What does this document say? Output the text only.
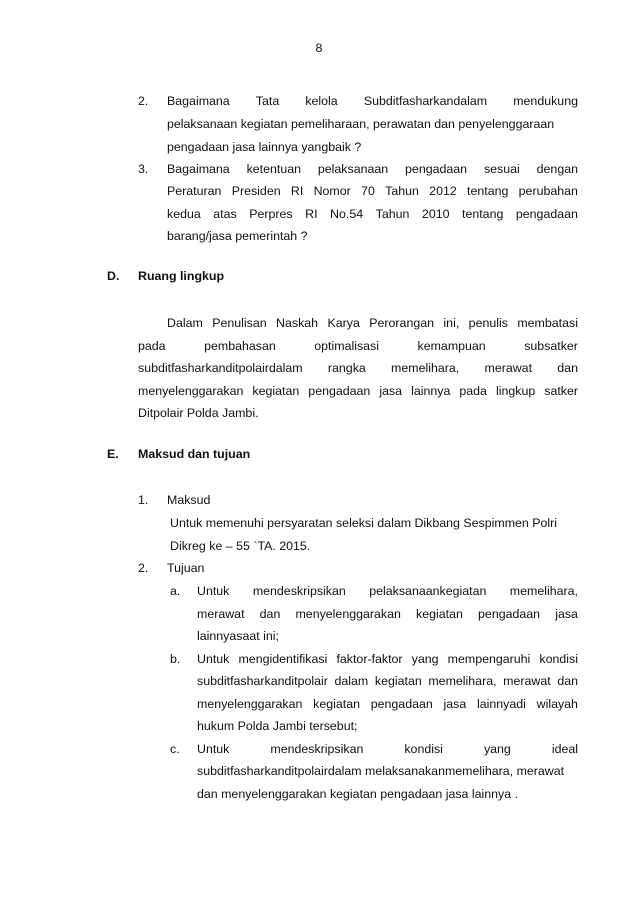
8
2. Bagaimana Tata kelola Subditfasharkandalam mendukung
pelaksanaan kegiatan pemeliharaan, perawatan dan penyelenggaraan
pengadaan jasa lainnya yangbaik ?
3. Bagaimana ketentuan pelaksanaan pengadaan sesuai dengan
Peraturan Presiden RI Nomor 70 Tahun 2012 tentang perubahan
kedua atas Perpres RI No.54 Tahun 2010 tentang pengadaan
barang/jasa pemerintah ?
D. Ruang lingkup
Dalam Penulisan Naskah Karya Perorangan ini, penulis membatasi
pada	pembahasan	optimalisasi	kemampuan	subsatker
subditfasharkanditpolairdalam rangka memelihara, merawat dan
menyelenggarakan kegiatan pengadaan jasa lainnya pada lingkup satker
Ditpolair Polda Jambi.
E. Maksud dan tujuan
1. Maksud
Untuk memenuhi persyaratan seleksi dalam Dikbang Sespimmen Polri
Dikreg ke – 55 `TA. 2015.
2. Tujuan
a. Untuk mendeskripsikan pelaksanaankegiatan memelihara,
merawat dan menyelenggarakan kegiatan pengadaan jasa
lainnyasaat ini;
b. Untuk mengidentifikasi faktor-faktor yang mempengaruhi kondisi
subditfasharkanditpolair dalam kegiatan memelihara, merawat dan
menyelenggarakan kegiatan pengadaan jasa lainnyadi wilayah
hukum Polda Jambi tersebut;
c. Untuk	mendeskripsikan	kondisi	yang	ideal
subditfasharkanditpolairdalam melaksanakanmemelihara, merawat
dan menyelenggarakan kegiatan pengadaan jasa lainnya .
